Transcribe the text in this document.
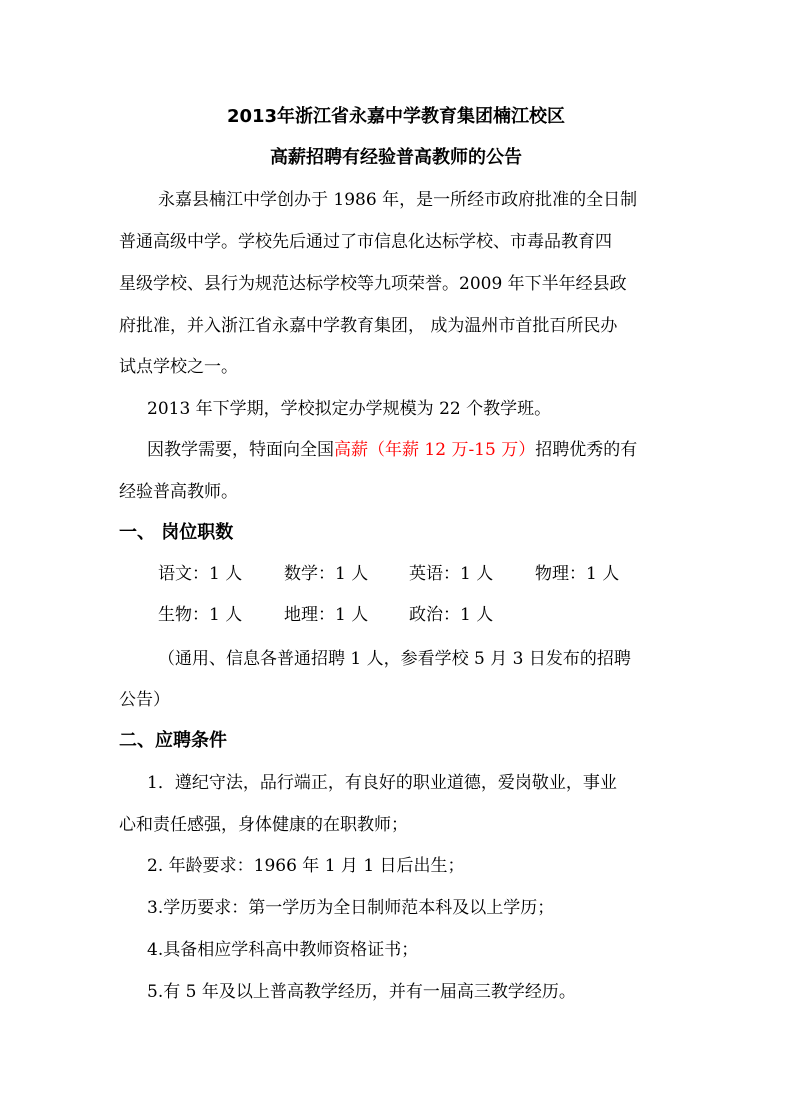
2013年浙江省永嘉中学教育集团楠江校区
高薪招聘有经验普高教师的公告
永嘉县楠江中学创办于 1986 年，是一所经市政府批准的全日制
普通高级中学。学校先后通过了市信息化达标学校、市毒品教育四
星级学校、县行为规范达标学校等九项荣誉。2009 年下半年经县政
府批准，并入浙江省永嘉中学教育集团， 成为温州市首批百所民办
试点学校之一。
2013 年下学期，学校拟定办学规模为 22 个教学班。
因教学需要，特面向全国高薪（年薪 12 万-15 万）招聘优秀的有
经验普高教师。
一、 岗位职数
语文：1 人 数学：1 人 英语：1 人 物理：1 人
生物：1 人 地理：1 人 政治：1 人
（通用、信息各普通招聘 1 人，参看学校 5 月 3 日发布的招聘
公告）
二、应聘条件
1．遵纪守法，品行端正，有良好的职业道德，爱岗敬业，事业
心和责任感强，身体健康的在职教师；
2. 年龄要求：1966 年 1 月 1 日后出生；
3.学历要求：第一学历为全日制师范本科及以上学历；
4.具备相应学科高中教师资格证书；
5.有 5 年及以上普高教学经历，并有一届高三教学经历。
